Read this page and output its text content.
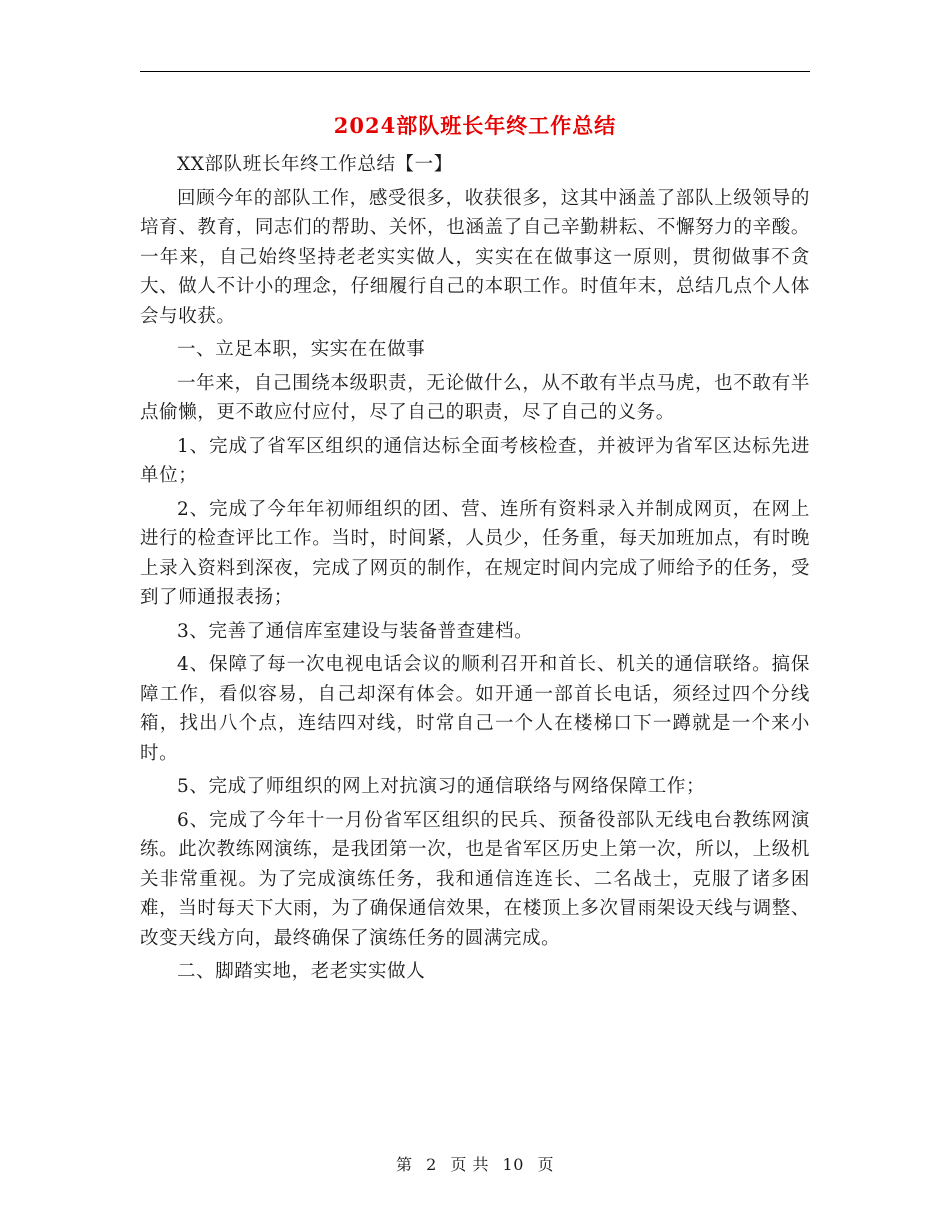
2024部队班长年终工作总结

XX部队班长年终工作总结【一】

回顾今年的部队工作，感受很多，收获很多，这其中涵盖了部队上级领导的培育、教育，同志们的帮助、关怀，也涵盖了自己辛勤耕耘、不懈努力的辛酸。一年来，自己始终坚持老老实实做人，实实在在做事这一原则，贯彻做事不贪大、做人不计小的理念，仔细履行自己的本职工作。时值年末，总结几点个人体会与收获。

一、立足本职，实实在在做事

一年来，自己围绕本级职责，无论做什么，从不敢有半点马虎，也不敢有半点偷懒，更不敢应付应付，尽了自己的职责，尽了自己的义务。

1、完成了省军区组织的通信达标全面考核检查，并被评为省军区达标先进单位；

2、完成了今年年初师组织的团、营、连所有资料录入并制成网页，在网上进行的检查评比工作。当时，时间紧，人员少，任务重，每天加班加点，有时晚上录入资料到深夜，完成了网页的制作，在规定时间内完成了师给予的任务，受到了师通报表扬；

3、完善了通信库室建设与装备普查建档。

4、保障了每一次电视电话会议的顺利召开和首长、机关的通信联络。搞保障工作，看似容易，自己却深有体会。如开通一部首长电话，须经过四个分线箱，找出八个点，连结四对线，时常自己一个人在楼梯口下一蹲就是一个来小时。

5、完成了师组织的网上对抗演习的通信联络与网络保障工作；

6、完成了今年十一月份省军区组织的民兵、预备役部队无线电台教练网演练。此次教练网演练，是我团第一次，也是省军区历史上第一次，所以，上级机关非常重视。为了完成演练任务，我和通信连连长、二名战士，克服了诸多困难，当时每天下大雨，为了确保通信效果，在楼顶上多次冒雨架设天线与调整、改变天线方向，最终确保了演练任务的圆满完成。

二、脚踏实地，老老实实做人

第 2 页 共 10 页
